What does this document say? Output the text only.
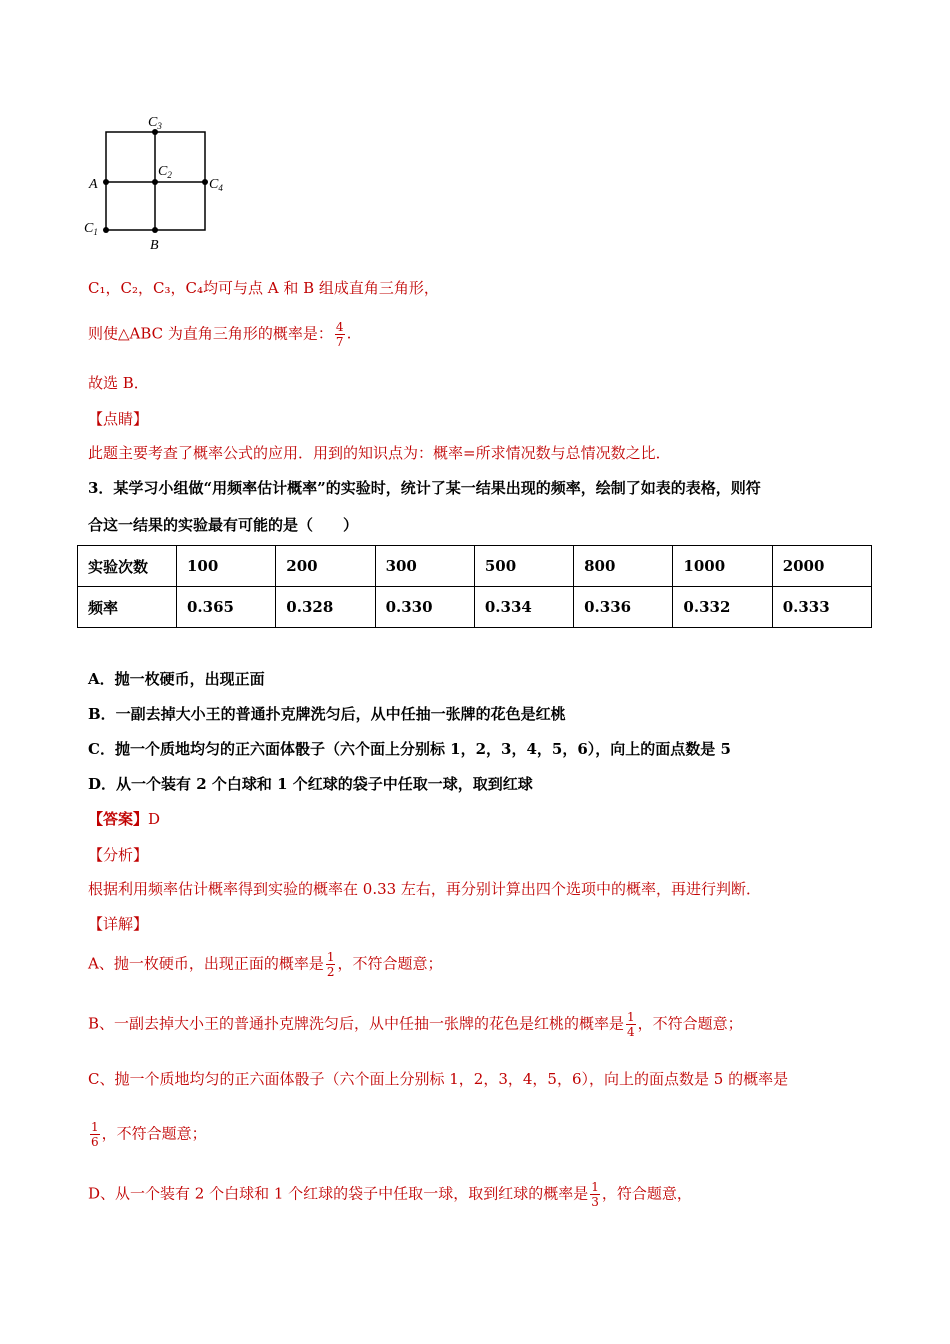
$C_3$
$C_2$
A	$C_4$
$C_1$
B
C₁，C₂，C₃，C₄均可与点 A 和 B 组成直角三角形，
则使△ABC 为直角三角形的概率是： $\frac{4}{7}$ .
故选 B．
【点睛】
此题主要考查了概率公式的应用．用到的知识点为：概率=所求情况数与总情况数之比．
3．某学习小组做“用频率估计概率”的实验时，统计了某一结果出现的频率，绘制了如表的表格，则符
合这一结果的实验最有可能的是（　　）
实验次数	100	200	300	500	800	1000	2000
频率	0.365	0.328	0.330	0.334	0.336	0.332	0.333
A．抛一枚硬币，出现正面
B．一副去掉大小王的普通扑克牌洗匀后，从中任抽一张牌的花色是红桃
C．抛一个质地均匀的正六面体骰子（六个面上分别标 1，2，3，4，5，6），向上的面点数是 5
D．从一个装有 2 个白球和 1 个红球的袋子中任取一球，取到红球
【答案】D
【分析】
根据利用频率估计概率得到实验的概率在 0.33 左右，再分别计算出四个选项中的概率，再进行判断．
【详解】
A、抛一枚硬币，出现正面的概率是 $\frac{1}{2}$ ，不符合题意；
B、一副去掉大小王的普通扑克牌洗匀后，从中任抽一张牌的花色是红桃的概率是 $\frac{1}{4}$ ，不符合题意；
C、抛一个质地均匀的正六面体骰子（六个面上分别标 1，2，3，4，5，6），向上的面点数是 5 的概率是
$\frac{1}{6}$ ，不符合题意；
D、从一个装有 2 个白球和 1 个红球的袋子中任取一球，取到红球的概率是 $\frac{1}{3}$ ，符合题意，
